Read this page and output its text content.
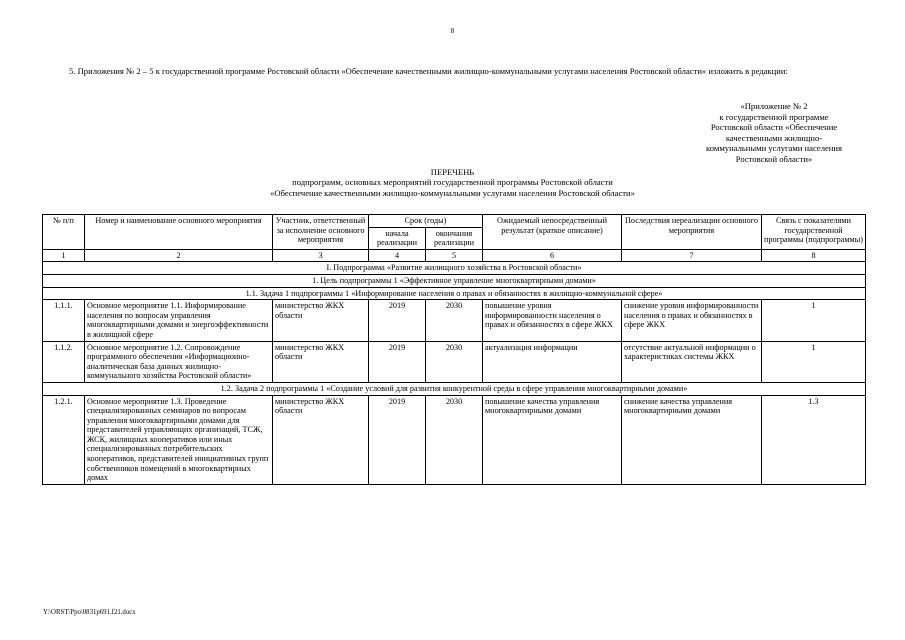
8
5. Приложения № 2 – 5 к государственной программе Ростовской области «Обеспечение качественными жилищно-коммунальными услугами населения Ростовской области» изложить в редакции:
«Приложение № 2
к государственной программе
Ростовской области «Обеспечение
качественными жилищно-
коммунальными услугами населения
Ростовской области»
ПЕРЕЧЕНЬ
подпрограмм, основных мероприятий государственной программы Ростовской области
«Обеспечение качественными жилищно-коммунальными услугами населения Ростовской области»
№ п/п	Номер и наименование основного мероприятия	Участник, ответственный за исполнение основного мероприятия	Срок (годы)		Ожидаемый непосредственный результат (краткое описание)	Последствия нереализации основного мероприятия	Связь с показателями государственной программы (подпрограммы)
			начала реализации	окончания реализации			
1	2	3	4	5	6	7	8
I. Подпрограмма «Развитие жилищного хозяйства в Ростовской области»							
1. Цель подпрограммы 1 «Эффективное управление многоквартирными домами»							
1.1. Задача 1 подпрограммы 1 «Информирование населения о правах и обязанностях в жилищно-коммунальной сфере»							
1.1.1.	Основное мероприятие 1.1. Информирование населения по вопросам управления многоквартирными домами и энергоэффективности в жилищной сфере	министерство ЖКХ области	2019	2030	повышение уровня информированности населения о правах и обязанностях в сфере ЖКХ	снижение уровня информированности населения о правах и обязанностях в сфере ЖКХ	1
1.1.2.	Основное мероприятие 1.2. Сопровождение программного обеспечения «Информационно-аналитическая база данных жилищно-коммунального хозяйства Ростовской области»	министерство ЖКХ области	2019	2030	актуализация информации	отсутствие актуальной информации о характеристиках системы ЖКХ	1
1.2. Задача 2 подпрограммы 1 «Создание условий для развития конкурентной среды в сфере управления многоквартирными домами»							
1.2.1.	Основное мероприятие 1.3. Проведение специализированных семинаров по вопросам управления многоквартирными домами для представителей управляющих организаций, ТСЖ, ЖСК, жилищных кооперативов или иных специализированных потребительских кооперативов, представителей инициативных групп собственников помещений в многоквартирных домах	министерство ЖКХ области	2019	2030	повышение качества управления многоквартирными домами	снижение качества управления многоквартирными домами	1.3
Y:\ORST\Ppo\0831p691.f21.docx
